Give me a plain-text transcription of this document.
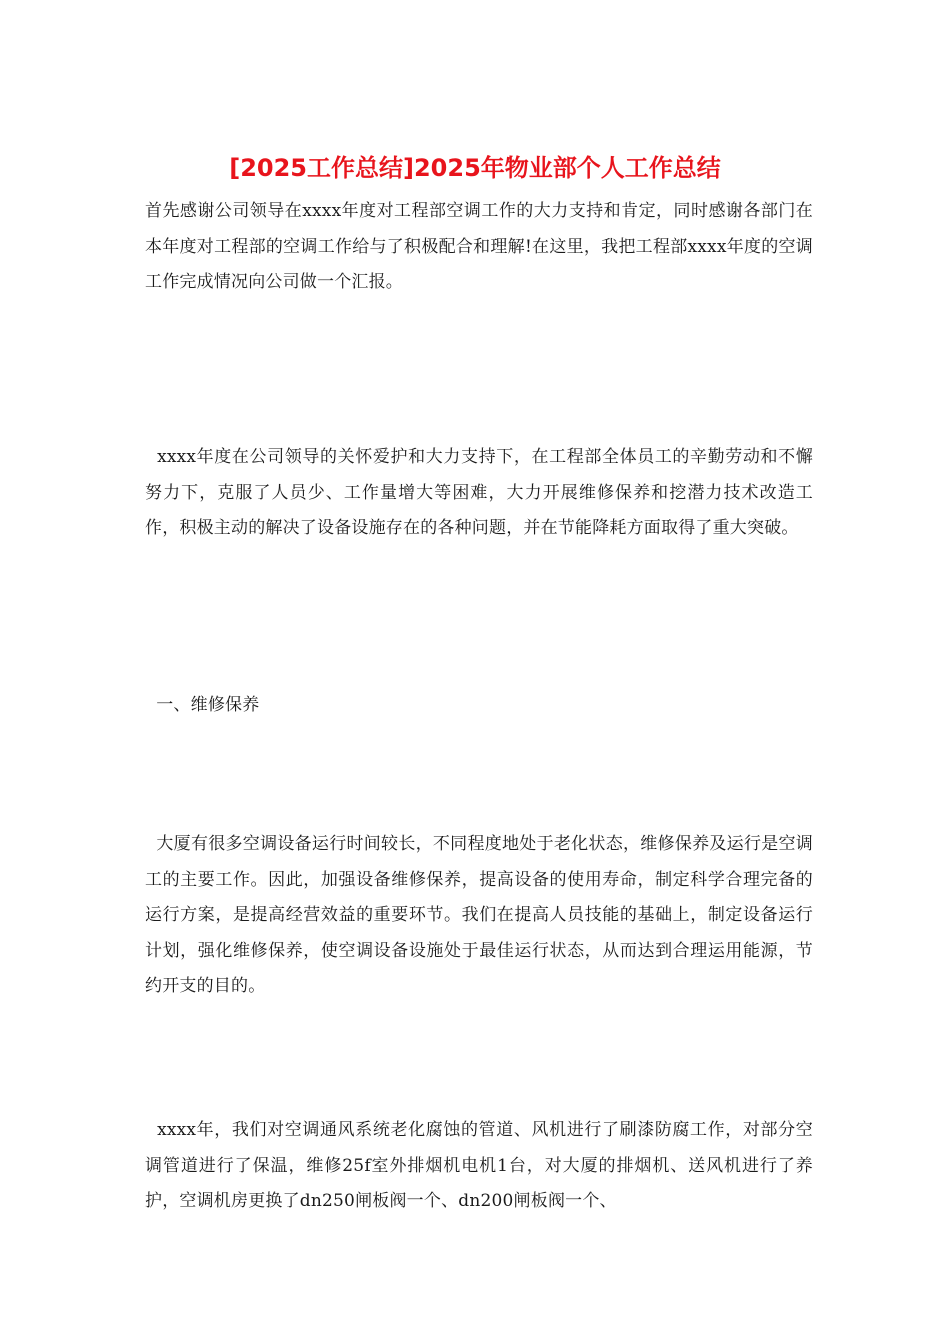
[2025工作总结]2025年物业部个人工作总结

首先感谢公司领导在xxxx年度对工程部空调工作的大力支持和肯定，同时感谢各部门在本年度对工程部的空调工作给与了积极配合和理解!在这里，我把工程部xxxx年度的空调工作完成情况向公司做一个汇报。

xxxx年度在公司领导的关怀爱护和大力支持下，在工程部全体员工的辛勤劳动和不懈努力下，克服了人员少、工作量增大等困难，大力开展维修保养和挖潜力技术改造工作，积极主动的解决了设备设施存在的各种问题，并在节能降耗方面取得了重大突破。

一、维修保养

大厦有很多空调设备运行时间较长，不同程度地处于老化状态，维修保养及运行是空调工的主要工作。因此，加强设备维修保养，提高设备的使用寿命，制定科学合理完备的运行方案，是提高经营效益的重要环节。我们在提高人员技能的基础上，制定设备运行计划，强化维修保养，使空调设备设施处于最佳运行状态，从而达到合理运用能源，节约开支的目的。

xxxx年，我们对空调通风系统老化腐蚀的管道、风机进行了刷漆防腐工作，对部分空调管道进行了保温，维修25f室外排烟机电机1台，对大厦的排烟机、送风机进行了养护，空调机房更换了dn250闸板阀一个、dn200闸板阀一个、
